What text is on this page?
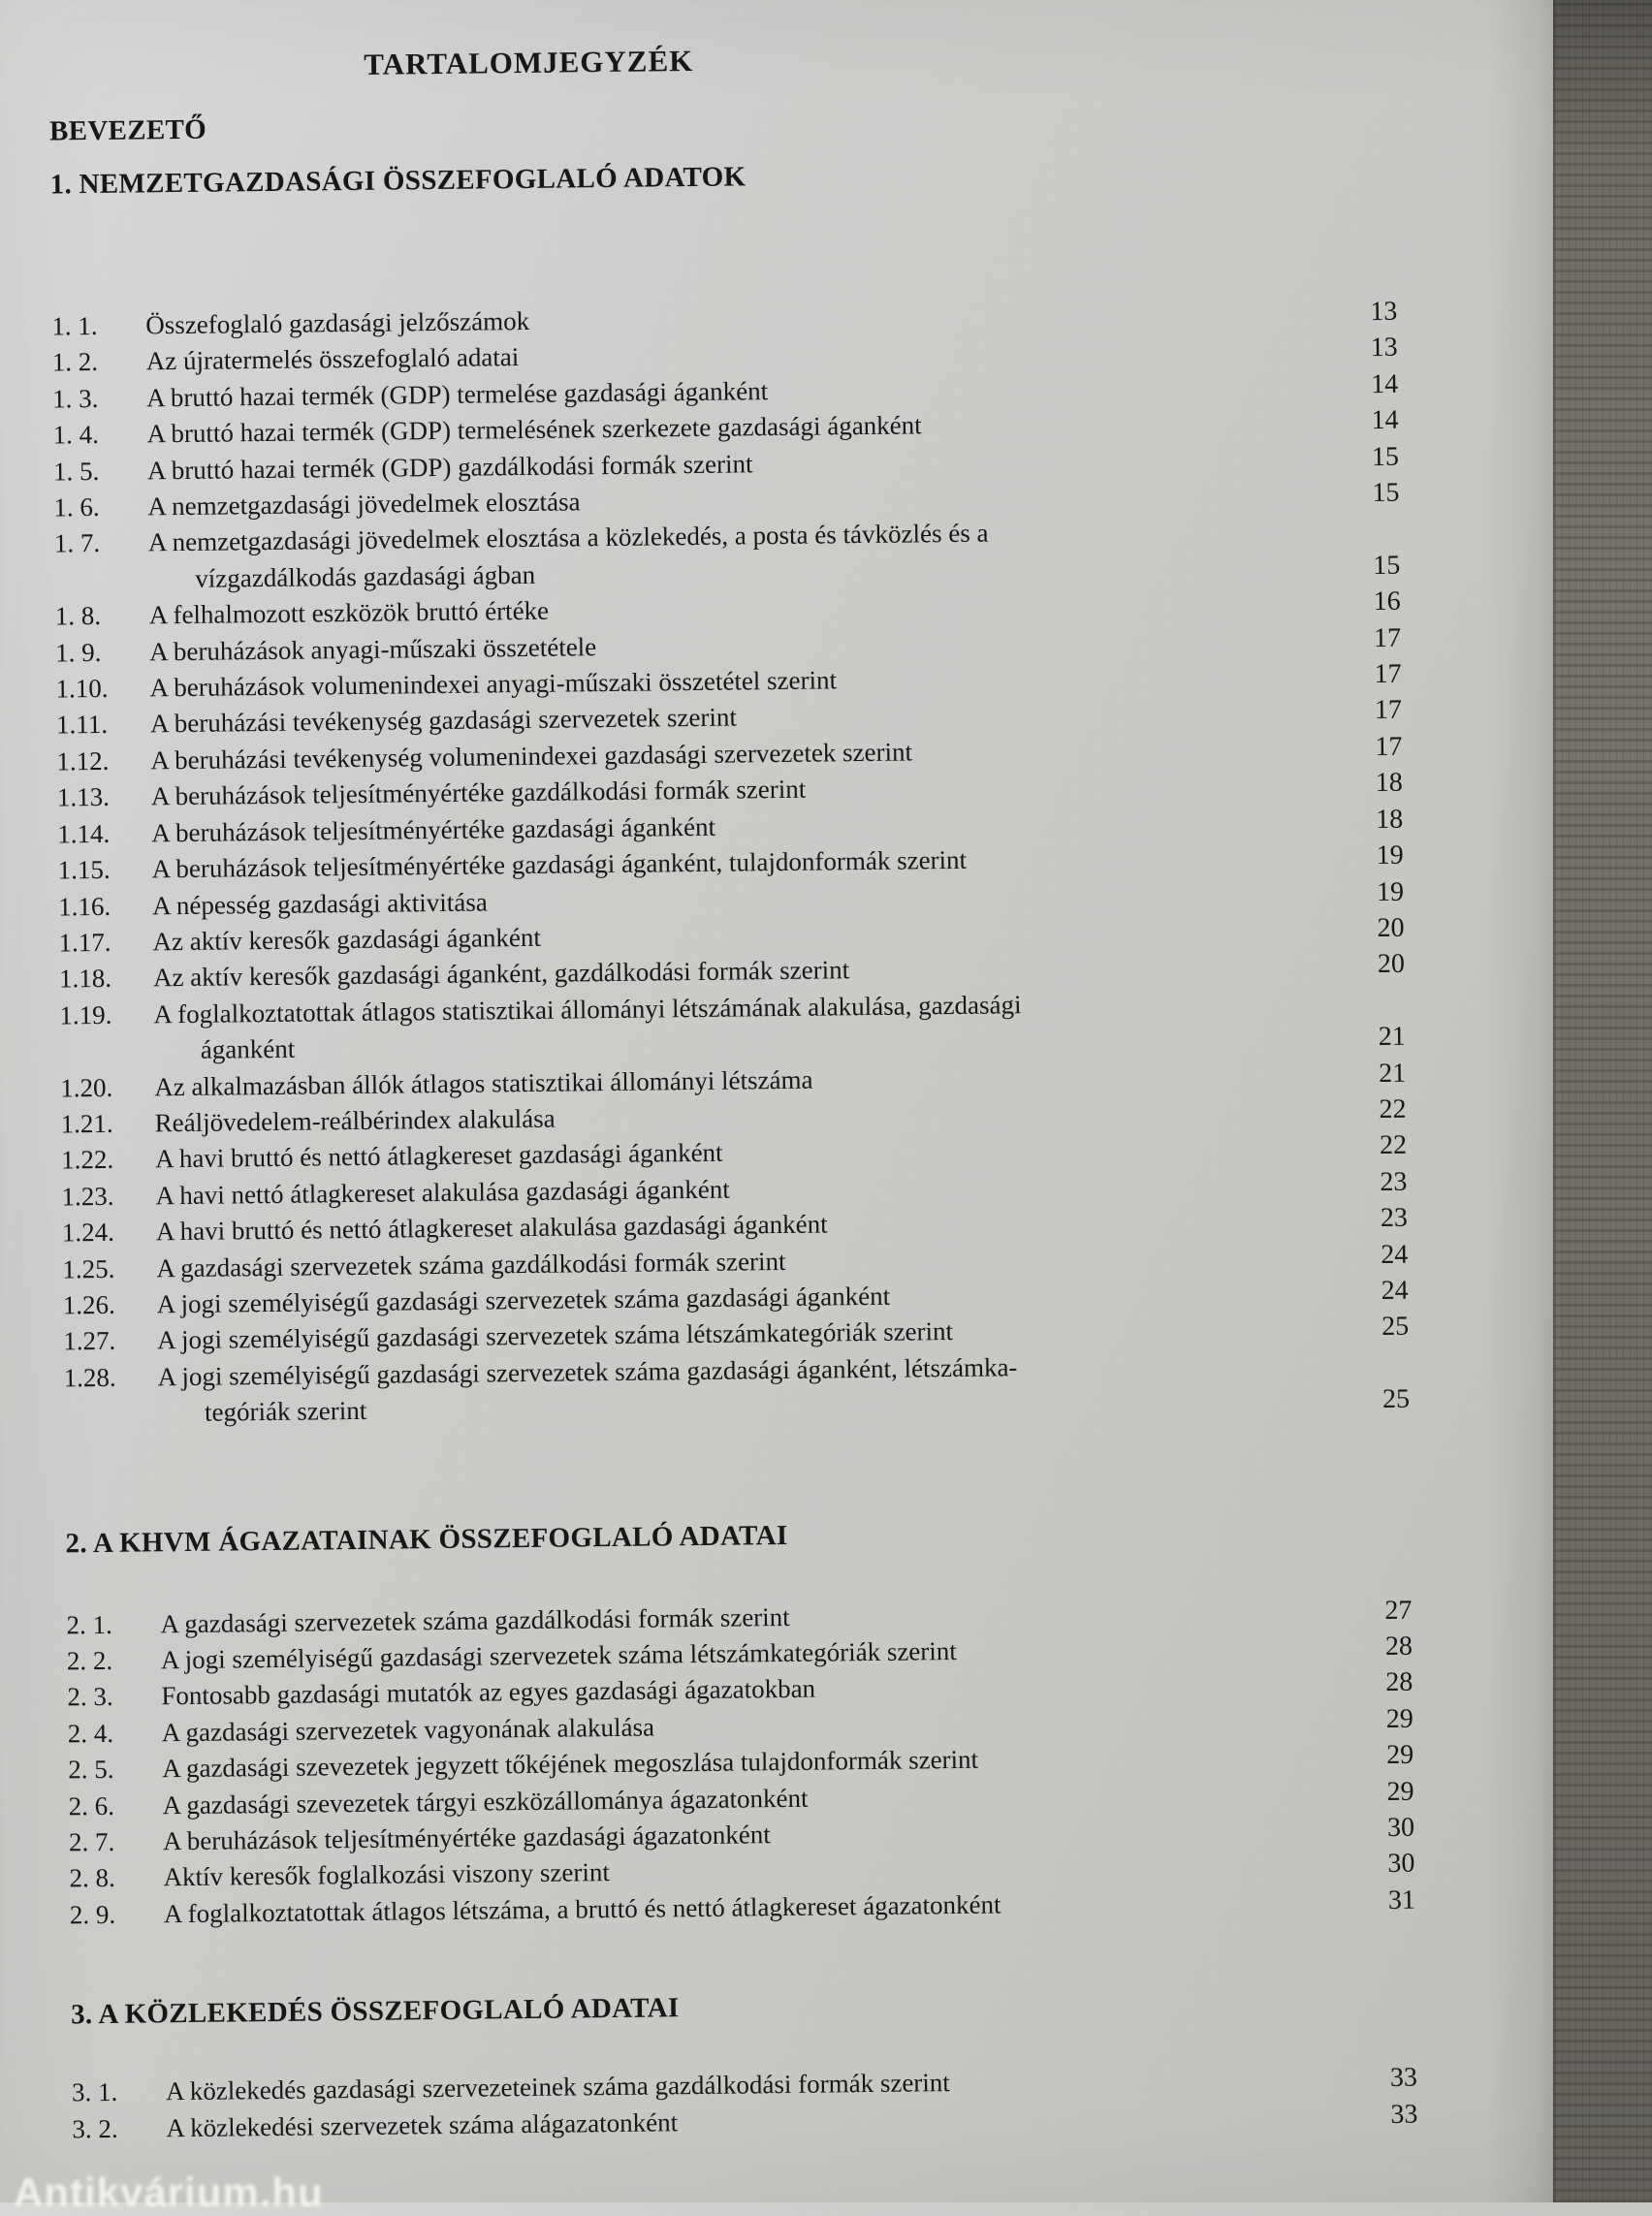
TARTALOMJEGYZÉK
BEVEZETŐ
1. NEMZETGAZDASÁGI ÖSSZEFOGLALÓ ADATOK
1. 1.	Összefoglaló gazdasági jelzőszámok	13
1. 2.	Az újratermelés összefoglaló adatai	13
1. 3.	A bruttó hazai termék (GDP) termelése gazdasági áganként	14
1. 4.	A bruttó hazai termék (GDP) termelésének szerkezete gazdasági áganként	14
1. 5.	A bruttó hazai termék (GDP) gazdálkodási formák szerint	15
1. 6.	A nemzetgazdasági jövedelmek elosztása	15
1. 7.	A nemzetgazdasági jövedelmek elosztása a közlekedés, a posta és távközlés és a
vízgazdálkodás gazdasági ágban	15
1. 8.	A felhalmozott eszközök bruttó értéke	16
1. 9.	A beruházások anyagi-műszaki összetétele	17
1.10.	A beruházások volumenindexei anyagi-műszaki összetétel szerint	17
1.11.	A beruházási tevékenység gazdasági szervezetek szerint	17
1.12.	A beruházási tevékenység volumenindexei gazdasági szervezetek szerint	17
1.13.	A beruházások teljesítményértéke gazdálkodási formák szerint	18
1.14.	A beruházások teljesítményértéke gazdasági áganként	18
1.15.	A beruházások teljesítményértéke gazdasági áganként, tulajdonformák szerint	19
1.16.	A népesség gazdasági aktivitása	19
1.17.	Az aktív keresők gazdasági áganként	20
1.18.	Az aktív keresők gazdasági áganként, gazdálkodási formák szerint	20
1.19.	A foglalkoztatottak átlagos statisztikai állományi létszámának alakulása, gazdasági
áganként	21
1.20.	Az alkalmazásban állók átlagos statisztikai állományi létszáma	21
1.21.	Reáljövedelem-reálbérindex alakulása	22
1.22.	A havi bruttó és nettó átlagkereset gazdasági áganként	22
1.23.	A havi nettó átlagkereset alakulása gazdasági áganként	23
1.24.	A havi bruttó és nettó átlagkereset alakulása gazdasági áganként	23
1.25.	A gazdasági szervezetek száma gazdálkodási formák szerint	24
1.26.	A jogi személyiségű gazdasági szervezetek száma gazdasági áganként	24
1.27.	A jogi személyiségű gazdasági szervezetek száma létszámkategóriák szerint	25
1.28.	A jogi személyiségű gazdasági szervezetek száma gazdasági áganként, létszámka-
tegóriák szerint	25
2. A KHVM ÁGAZATAINAK ÖSSZEFOGLALÓ ADATAI
2. 1.	A gazdasági szervezetek száma gazdálkodási formák szerint	27
2. 2.	A jogi személyiségű gazdasági szervezetek száma létszámkategóriák szerint	28
2. 3.	Fontosabb gazdasági mutatók az egyes gazdasági ágazatokban	28
2. 4.	A gazdasági szervezetek vagyonának alakulása	29
2. 5.	A gazdasági szevezetek jegyzett tőkéjének megoszlása tulajdonformák szerint	29
2. 6.	A gazdasági szevezetek tárgyi eszközállománya ágazatonként	29
2. 7.	A beruházások teljesítményértéke gazdasági ágazatonként	30
2. 8.	Aktív keresők foglalkozási viszony szerint	30
2. 9.	A foglalkoztatottak átlagos létszáma, a bruttó és nettó átlagkereset ágazatonként	31
3. A KÖZLEKEDÉS ÖSSZEFOGLALÓ ADATAI
3. 1.	A közlekedés gazdasági szervezeteinek száma gazdálkodási formák szerint	33
3. 2.	A közlekedési szervezetek száma alágazatonként	33
Antikvárium.hu
